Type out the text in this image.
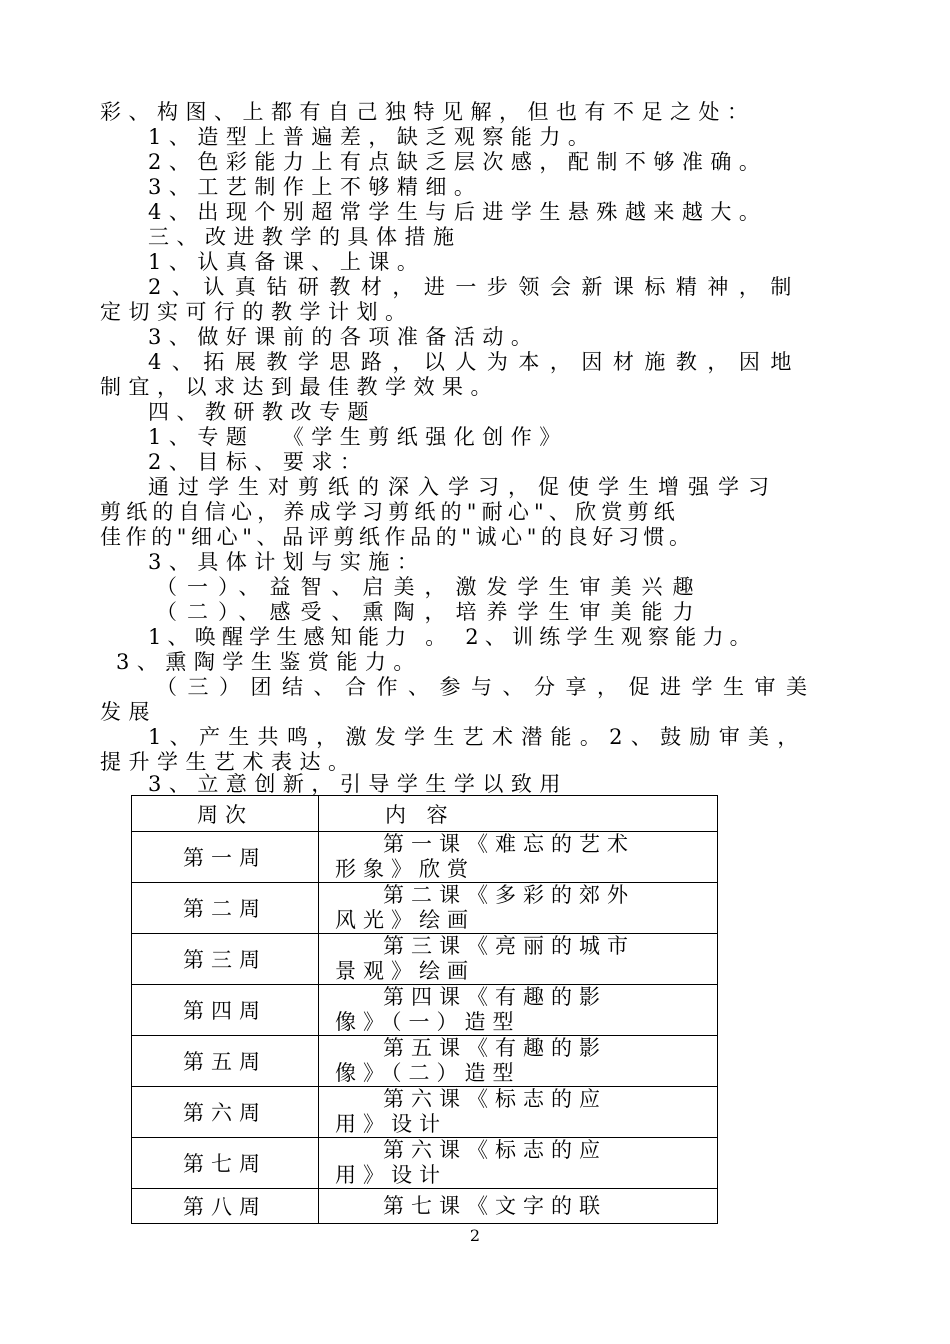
彩、构图、上都有自己独特见解，但也有不足之处：
1、造型上普遍差，缺乏观察能力。
2、色彩能力上有点缺乏层次感，配制不够准确。
3、工艺制作上不够精细。
4、出现个别超常学生与后进学生悬殊越来越大。
三、改进教学的具体措施
1、认真备课、上课。
2、认真钻研教材，进一步领会新课标精神，制
定切实可行的教学计划。
3、做好课前的各项准备活动。
4、拓展教学思路，以人为本，因材施教，因地
制宜，以求达到最佳教学效果。
四、教研教改专题
1、专题  《学生剪纸强化创作》
2、目标、要求：
通过学生对剪纸的深入学习，促使学生增强学习
剪纸的自信心，养成学习剪纸的"耐心"、欣赏剪纸
佳作的"细心"、品评剪纸作品的"诚心"的良好习惯。
3、具体计划与实施：
（一）、益智、启美，激发学生审美兴趣
（二）、感受、熏陶，培养学生审美能力
1、唤醒学生感知能力 。 2、训练学生观察能力。
3、熏陶学生鉴赏能力。
（三）团结、合作、参与、分享，促进学生审美
发展
1、产生共鸣，激发学生艺术潜能。2、鼓励审美，
提升学生艺术表达。
3、立意创新，引导学生学以致用
周次	内 容
第一周	第一课《难忘的艺术
形象》欣赏
第二周	第二课《多彩的郊外
风光》绘画
第三周	第三课《亮丽的城市
景观》绘画
第四周	第四课《有趣的影
像》（一）造型
第五周	第五课《有趣的影
像》（二）造型
第六周	第六课《标志的应
用》设计
第七周	第六课《标志的应
用》设计
第八周	第七课《文字的联
2
